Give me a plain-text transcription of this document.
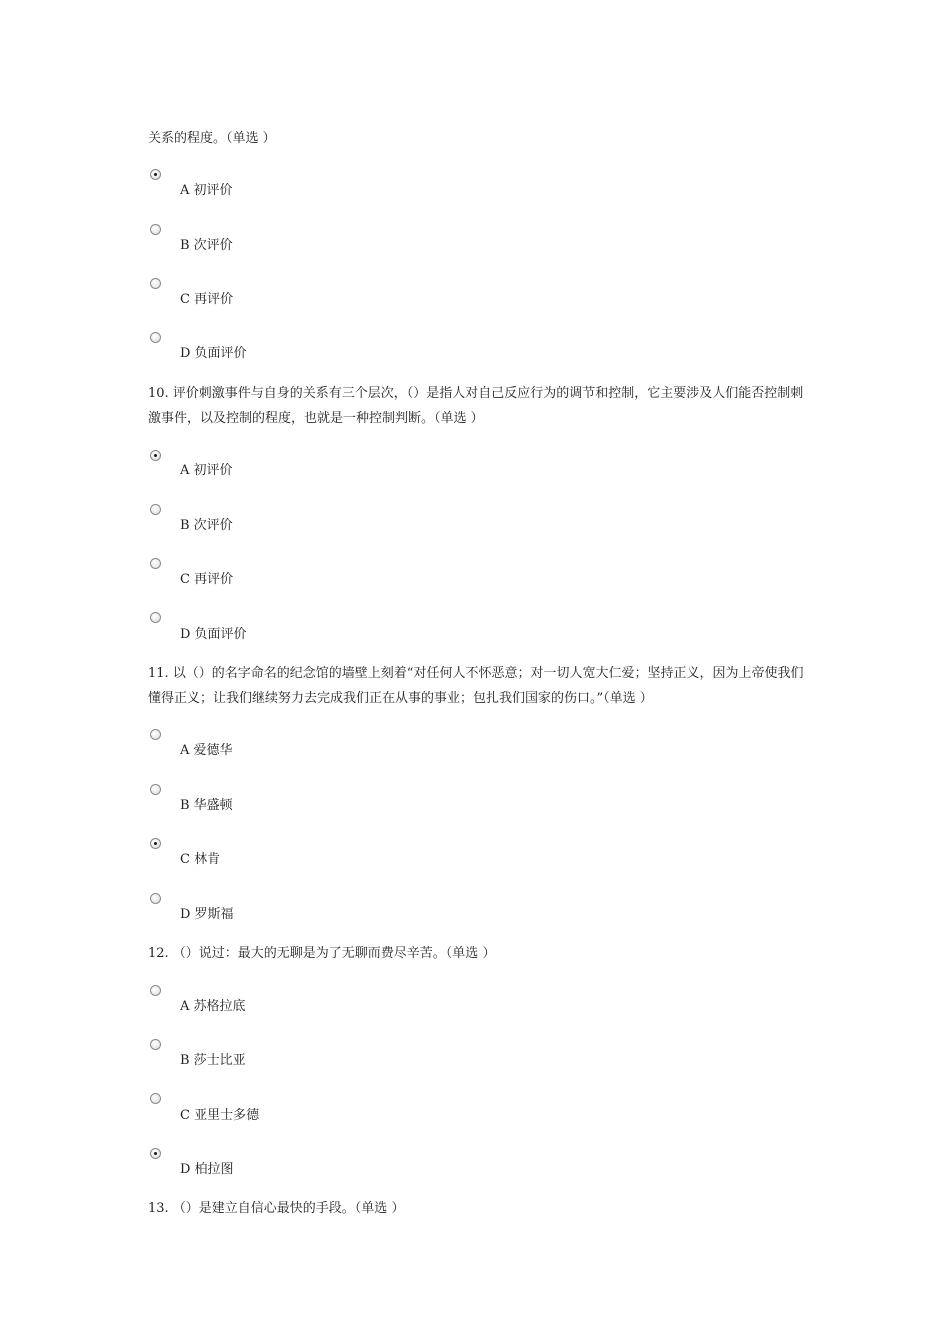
关系的程度。（单选 ）
A 初评价
B 次评价
C 再评价
D 负面评价
10. 评价刺激事件与自身的关系有三个层次，（）是指人对自己反应行为的调节和控制，它主要涉及人们能否控制刺激事件，以及控制的程度，也就是一种控制判断。（单选 ）
A 初评价
B 次评价
C 再评价
D 负面评价
11. 以（）的名字命名的纪念馆的墙壁上刻着“对任何人不怀恶意；对一切人宽大仁爱；坚持正义，因为上帝使我们懂得正义；让我们继续努力去完成我们正在从事的事业；包扎我们国家的伤口。”（单选 ）
A 爱德华
B 华盛顿
C 林肯
D 罗斯福
12. （）说过：最大的无聊是为了无聊而费尽辛苦。（单选 ）
A 苏格拉底
B 莎士比亚
C 亚里士多德
D 柏拉图
13. （）是建立自信心最快的手段。（单选 ）
